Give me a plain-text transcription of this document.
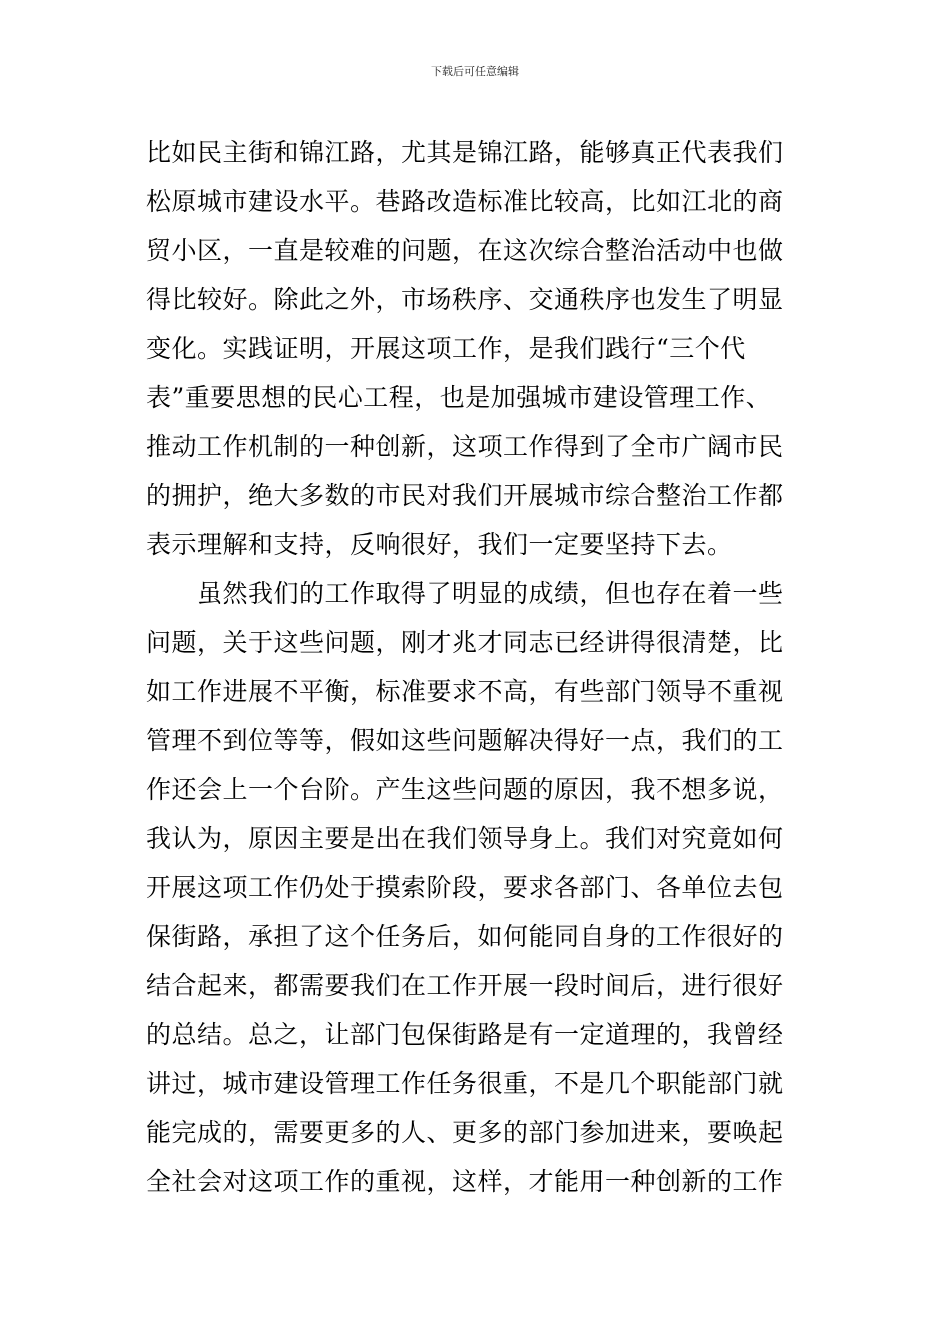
下载后可任意编辑
比如民主街和锦江路，尤其是锦江路，能够真正代表我们
松原城市建设水平。巷路改造标准比较高，比如江北的商
贸小区，一直是较难的问题，在这次综合整治活动中也做
得比较好。除此之外，市场秩序、交通秩序也发生了明显
变化。实践证明，开展这项工作，是我们践行“三个代
表”重要思想的民心工程，也是加强城市建设管理工作、
推动工作机制的一种创新，这项工作得到了全市广阔市民
的拥护，绝大多数的市民对我们开展城市综合整治工作都
表示理解和支持，反响很好，我们一定要坚持下去。
　　虽然我们的工作取得了明显的成绩，但也存在着一些
问题，关于这些问题，刚才兆才同志已经讲得很清楚，比
如工作进展不平衡，标准要求不高，有些部门领导不重视
管理不到位等等，假如这些问题解决得好一点，我们的工
作还会上一个台阶。产生这些问题的原因，我不想多说，
我认为，原因主要是出在我们领导身上。我们对究竟如何
开展这项工作仍处于摸索阶段，要求各部门、各单位去包
保街路，承担了这个任务后，如何能同自身的工作很好的
结合起来，都需要我们在工作开展一段时间后，进行很好
的总结。总之，让部门包保街路是有一定道理的，我曾经
讲过，城市建设管理工作任务很重，不是几个职能部门就
能完成的，需要更多的人、更多的部门参加进来，要唤起
全社会对这项工作的重视，这样，才能用一种创新的工作
